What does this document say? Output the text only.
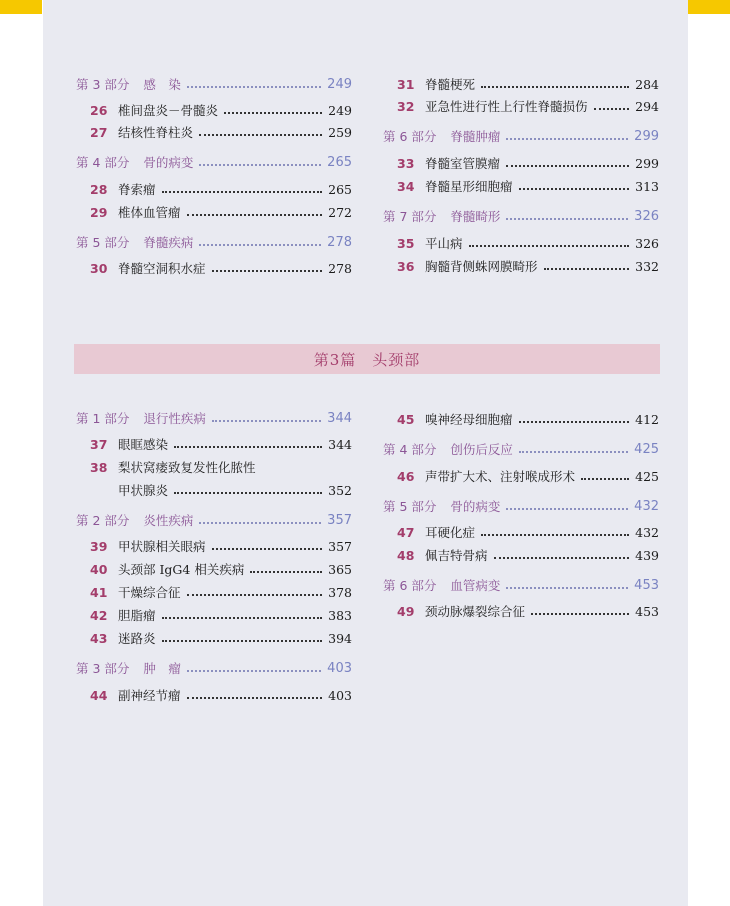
第 3 部分 感　染	249
26 椎间盘炎－骨髓炎	249
27 结核性脊柱炎	259
第 4 部分 骨的病变	265
28 脊索瘤	265
29 椎体血管瘤	272
第 5 部分 脊髓疾病	278
30 脊髓空洞积水症	278
31 脊髓梗死	284
32 亚急性进行性上行性脊髓损伤	294
第 6 部分 脊髓肿瘤	299
33 脊髓室管膜瘤	299
34 脊髓星形细胞瘤	313
第 7 部分 脊髓畸形	326
35 平山病	326
36 胸髓背侧蛛网膜畸形	332
第3篇　头颈部
第 1 部分 退行性疾病	344
37 眼眶感染	344
38 梨状窝瘘致复发性化脓性
甲状腺炎	352
第 2 部分 炎性疾病	357
39 甲状腺相关眼病	357
40 头颈部 IgG4 相关疾病	365
41 干燥综合征	378
42 胆脂瘤	383
43 迷路炎	394
第 3 部分 肿　瘤	403
44 副神经节瘤	403
45 嗅神经母细胞瘤	412
第 4 部分 创伤后反应	425
46 声带扩大术、注射喉成形术	425
第 5 部分 骨的病变	432
47 耳硬化症	432
48 佩吉特骨病	439
第 6 部分 血管病变	453
49 颈动脉爆裂综合征	453
